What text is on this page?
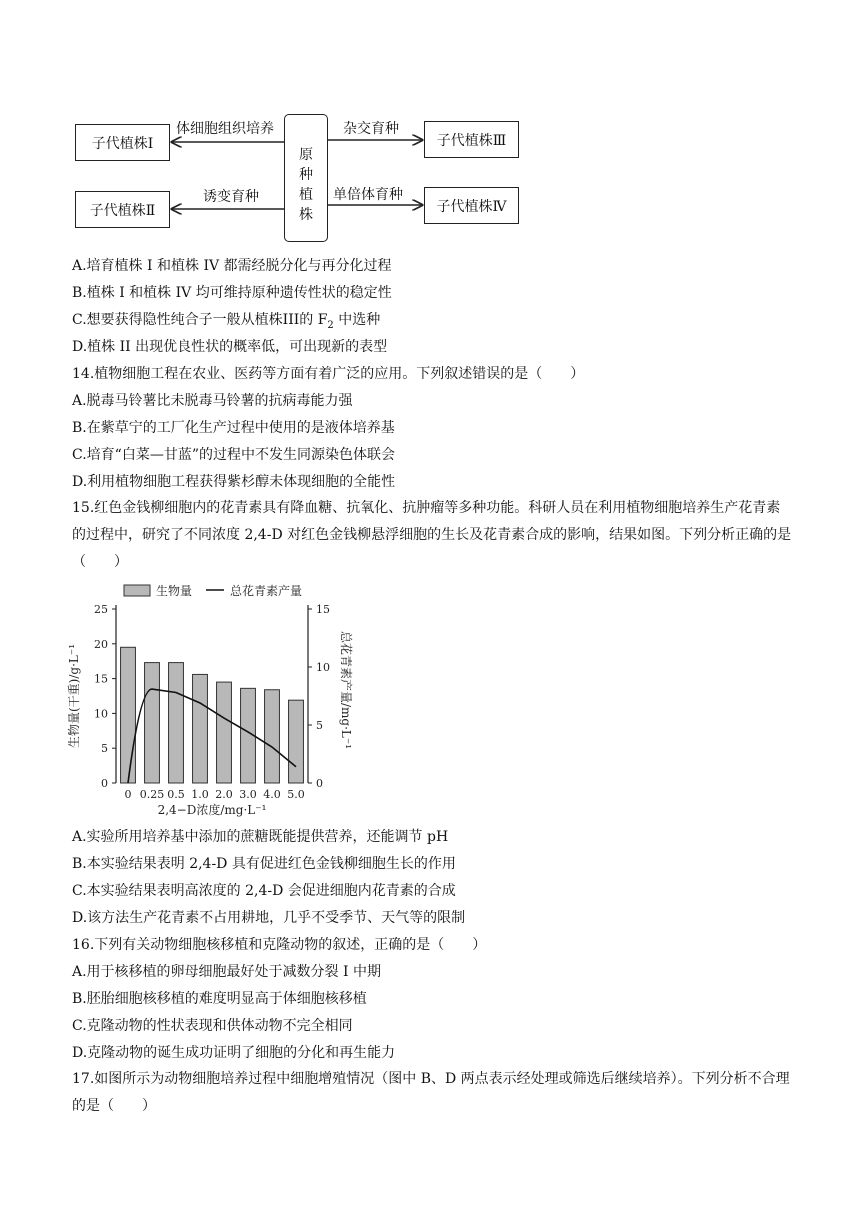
子代植株Ⅰ
子代植株Ⅱ
子代植株Ⅲ
子代植株Ⅳ
原
种
植
株
体细胞组织培养
诱变育种
杂交育种
单倍体育种
A.培育植株 I 和植株 IV 都需经脱分化与再分化过程
B.植株 I 和植株 IV 均可维持原种遗传性状的稳定性
C.想要获得隐性纯合子一般从植株III的 $F_2$ 中选种
D.植株 II 出现优良性状的概率低，可出现新的表型
14.植物细胞工程在农业、医药等方面有着广泛的应用。下列叙述错误的是（　　）
A.脱毒马铃薯比未脱毒马铃薯的抗病毒能力强
B.在紫草宁的工厂化生产过程中使用的是液体培养基
C.培育“白菜—甘蓝”的过程中不发生同源染色体联会
D.利用植物细胞工程获得紫杉醇未体现细胞的全能性
15.红色金钱柳细胞内的花青素具有降血糖、抗氧化、抗肿瘤等多种功能。科研人员在利用植物细胞培养生产花青素的过程中，研究了不同浓度 2,4-D 对红色金钱柳悬浮细胞的生长及花青素合成的影响，结果如图。下列分析正确的是（　　）
0
5
10
15
20
25
0
5
10
15
0 0.25 0.5 1.0 2.0 3.0 4.0 5.0
2,4−D浓度/mg·L⁻¹
生物量(干重)/g·L⁻¹	总花青素产量/mg·L⁻¹
生物量	总花青素产量
A.实验所用培养基中添加的蔗糖既能提供营养，还能调节 pH
B.本实验结果表明 2,4-D 具有促进红色金钱柳细胞生长的作用
C.本实验结果表明高浓度的 2,4-D 会促进细胞内花青素的合成
D.该方法生产花青素不占用耕地，几乎不受季节、天气等的限制
16.下列有关动物细胞核移植和克隆动物的叙述，正确的是（　　）
A.用于核移植的卵母细胞最好处于减数分裂 I 中期
B.胚胎细胞核移植的难度明显高于体细胞核移植
C.克隆动物的性状表现和供体动物不完全相同
D.克隆动物的诞生成功证明了细胞的分化和再生能力
17.如图所示为动物细胞培养过程中细胞增殖情况（图中 B、D 两点表示经处理或筛选后继续培养）。下列分析不合理的是（　　）
